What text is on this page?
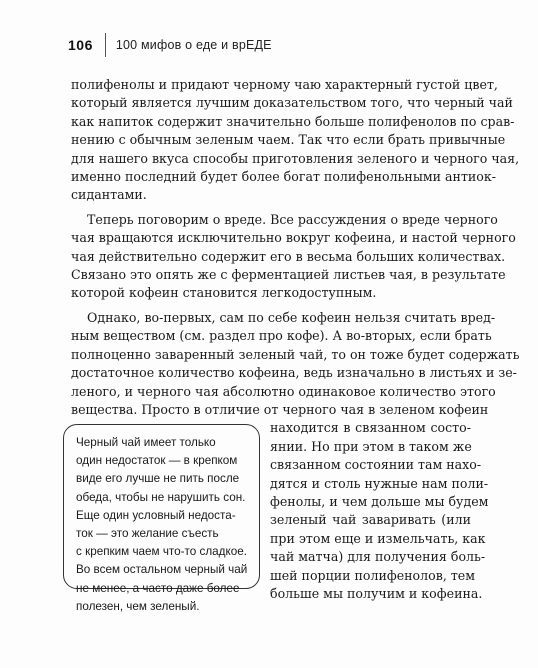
106 100 мифов о еде и врЕДЕ
полифенолы и придают черному чаю характерный густой цвет,
который является лучшим доказательством того, что черный чай
как напиток содержит значительно больше полифенолов по срав-
нению с обычным зеленым чаем. Так что если брать привычные
для нашего вкуса способы приготовления зеленого и черного чая,
именно последний будет более богат полифенольными антиок-
сидантами.
Теперь поговорим о вреде. Все рассуждения о вреде черного
чая вращаются исключительно вокруг кофеина, и настой черного
чая действительно содержит его в весьма больших количествах.
Связано это опять же с ферментацией листьев чая, в результате
которой кофеин становится легкодоступным.
Однако, во-первых, сам по себе кофеин нельзя считать вред-
ным веществом (см. раздел про кофе). А во-вторых, если брать
полноценно заваренный зеленый чай, то он тоже будет содержать
достаточное количество кофеина, ведь изначально в листьях и зе-
леного, и черного чая абсолютно одинаковое количество этого
вещества. Просто в отличие от черного чая в зеленом кофеин
находится в связанном состо-
янии. Но при этом в таком же
связанном состоянии там нахо-
дятся и столь нужные нам поли-
фенолы, и чем дольше мы будем
зеленый чай заваривать (или
при этом еще и измельчать, как
чай матча) для получения боль-
шей порции полифенолов, тем
больше мы получим и кофеина.
Черный чай имеет только
один недостаток — в крепком
виде его лучше не пить после
обеда, чтобы не нарушить сон.
Еще один условный недоста-
ток — это желание съесть
с крепким чаем что-то сладкое.
Во всем остальном черный чай
не менее, а часто даже более
полезен, чем зеленый.
